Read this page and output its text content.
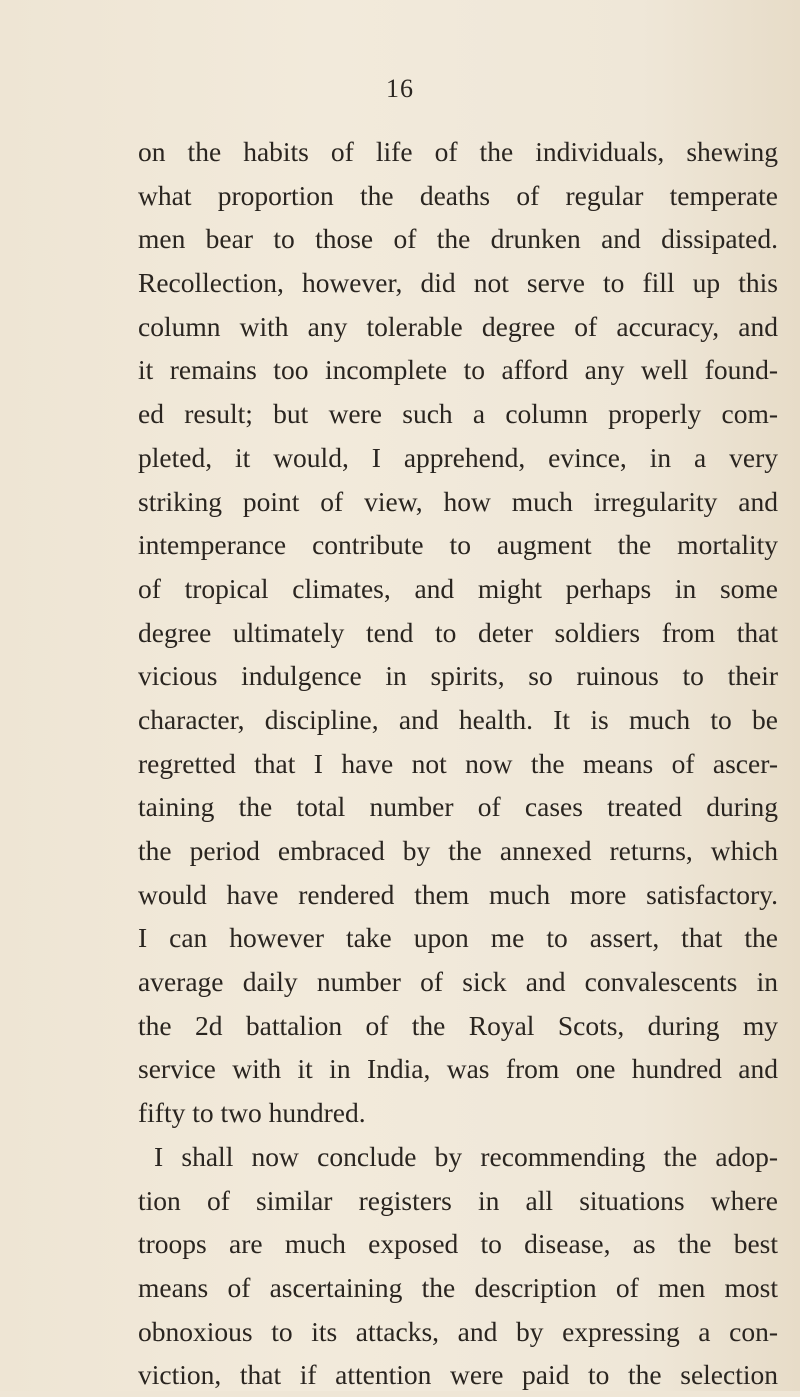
16
on the habits of life of the individuals, shewing
what proportion the deaths of regular temperate
men bear to those of the drunken and dissipated.
Recollection, however, did not serve to fill up this
column with any tolerable degree of accuracy, and
it remains too incomplete to afford any well found-
ed result; but were such a column properly com-
pleted, it would, I apprehend, evince, in a very
striking point of view, how much irregularity and
intemperance contribute to augment the mortality
of tropical climates, and might perhaps in some
degree ultimately tend to deter soldiers from that
vicious indulgence in spirits, so ruinous to their
character, discipline, and health. It is much to be
regretted that I have not now the means of ascer-
taining the total number of cases treated during
the period embraced by the annexed returns, which
would have rendered them much more satisfactory.
I can however take upon me to assert, that the
average daily number of sick and convalescents in
the 2d battalion of the Royal Scots, during my
service with it in India, was from one hundred and
fifty to two hundred.
I shall now conclude by recommending the adop-
tion of similar registers in all situations where
troops are much exposed to disease, as the best
means of ascertaining the description of men most
obnoxious to its attacks, and by expressing a con-
viction, that if attention were paid to the selection
